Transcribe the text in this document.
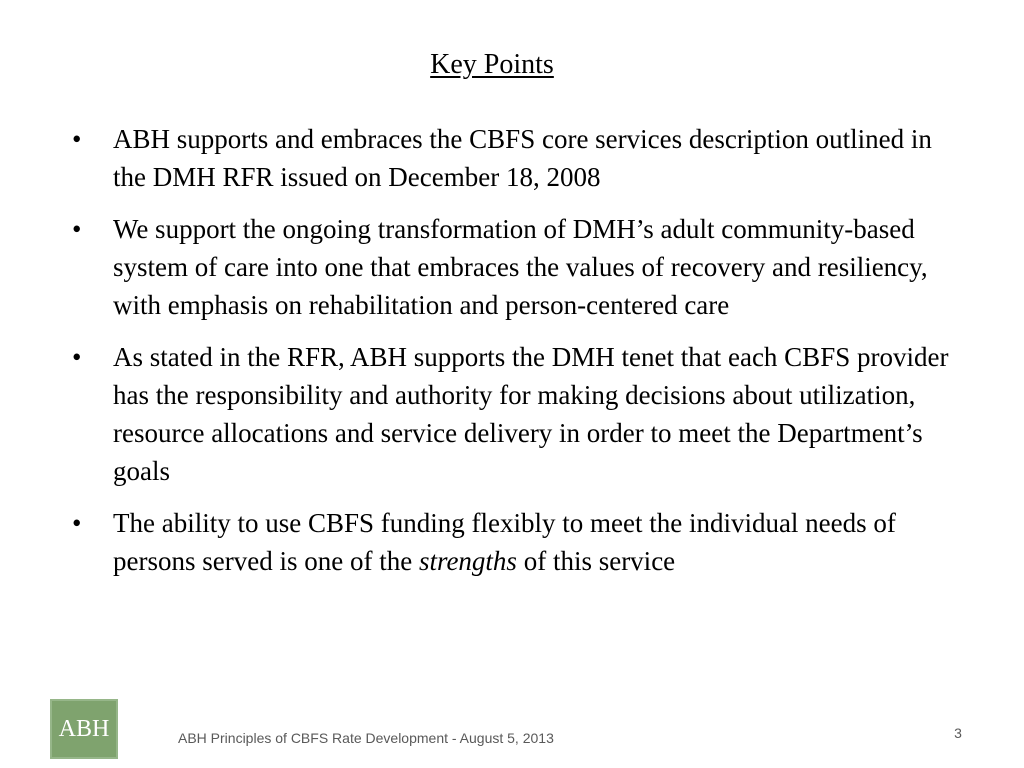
Key Points
•	ABH supports and embraces the CBFS core services description outlined in the DMH RFR issued on December 18, 2008
•	We support the ongoing transformation of DMH’s adult community-based system of care into one that embraces the values of recovery and resiliency, with emphasis on rehabilitation and person-centered care
•	As stated in the RFR, ABH supports the DMH tenet that each CBFS provider has the responsibility and authority for making decisions about utilization, resource allocations and service delivery in order to meet the Department’s goals
•	The ability to use CBFS funding flexibly to meet the individual needs of persons served is one of the strengths of this service
ABH	ABH Principles of CBFS Rate Development - August 5, 2013	3
